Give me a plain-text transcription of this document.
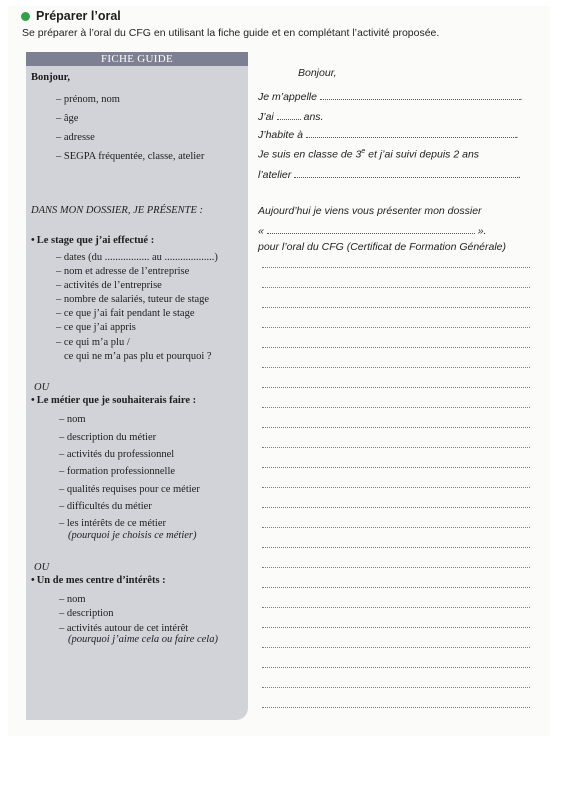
Préparer l’oral
Se préparer à l’oral du CFG en utilisant la fiche guide et en complétant l’activité proposée.
FICHE GUIDE
Bonjour,
– prénom, nom
– âge
– adresse
– SEGPA fréquentée, classe, atelier
DANS MON DOSSIER, JE PRÉSENTE :
• Le stage que j’ai effectué :
– dates (du ................. au ...................)
– nom et adresse de l’entreprise
– activités de l’entreprise
– nombre de salariés, tuteur de stage
– ce que j’ai fait pendant le stage
– ce que j’ai appris
– ce qui m’a plu /
ce qui ne m’a pas plu et pourquoi ?
OU
• Le métier que je souhaiterais faire :
– nom
– description du métier
– activités du professionnel
– formation professionnelle
– qualités requises pour ce métier
– difficultés du métier
– les intérêts de ce métier
(pourquoi je choisis ce métier)
OU
• Un de mes centre d’intérêts :
– nom
– description
– activités autour de cet intérêt
(pourquoi j’aime cela ou faire cela)
Bonjour,
Je m’appelle	.
J’ai	ans.
J’habite à	.
Je suis en classe de 3e et j’ai suivi depuis 2 ans
l’atelier	.
Aujourd’hui je viens vous présenter mon dossier
«	».
pour l’oral du CFG (Certificat de Formation Générale)
